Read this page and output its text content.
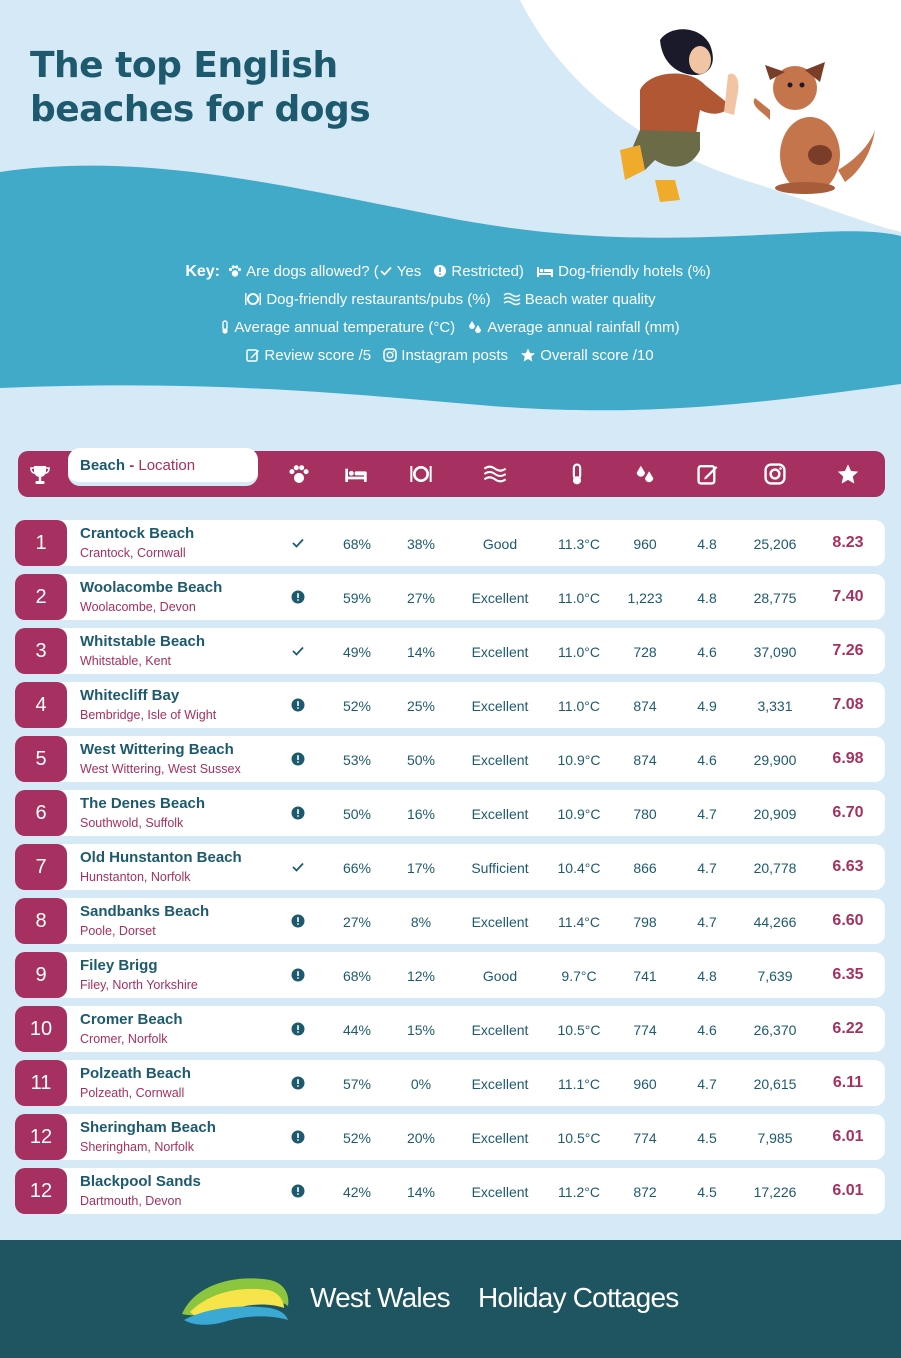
The top English
beaches for dogs
Key: Are dogs allowed? ( Yes Restricted) Dog-friendly hotels (%)
Dog-friendly restaurants/pubs (%) Beach water quality
Average annual temperature (°C) Average annual rainfall (mm)
Review score /5 Instagram posts Overall score /10
Beach - Location
1	Crantock Beach
Crantock, Cornwall
68%	38%	Good	11.3°C	960	4.8	25,206	8.23
2	Woolacombe Beach
Woolacombe, Devon
59%	27%	Excellent	11.0°C	1,223	4.8	28,775	7.40
3	Whitstable Beach
Whitstable, Kent
49%	14%	Excellent	11.0°C	728	4.6	37,090	7.26
4	Whitecliff Bay
Bembridge, Isle of Wight
52%	25%	Excellent	11.0°C	874	4.9	3,331	7.08
5	West Wittering Beach
West Wittering, West Sussex
53%	50%	Excellent	10.9°C	874	4.6	29,900	6.98
6	The Denes Beach
Southwold, Suffolk
50%	16%	Excellent	10.9°C	780	4.7	20,909	6.70
7	Old Hunstanton Beach
Hunstanton, Norfolk
66%	17%	Sufficient	10.4°C	866	4.7	20,778	6.63
8	Sandbanks Beach
Poole, Dorset
27%	8%	Excellent	11.4°C	798	4.7	44,266	6.60
9	Filey Brigg
Filey, North Yorkshire
68%	12%	Good	9.7°C	741	4.8	7,639	6.35
10	Cromer Beach
Cromer, Norfolk
44%	15%	Excellent	10.5°C	774	4.6	26,370	6.22
11	Polzeath Beach
Polzeath, Cornwall
57%	0%	Excellent	11.1°C	960	4.7	20,615	6.11
12	Sheringham Beach
Sheringham, Norfolk
52%	20%	Excellent	10.5°C	774	4.5	7,985	6.01
12	Blackpool Sands
Dartmouth, Devon
42%	14%	Excellent	11.2°C	872	4.5	17,226	6.01
West Wales Holiday Cottages
